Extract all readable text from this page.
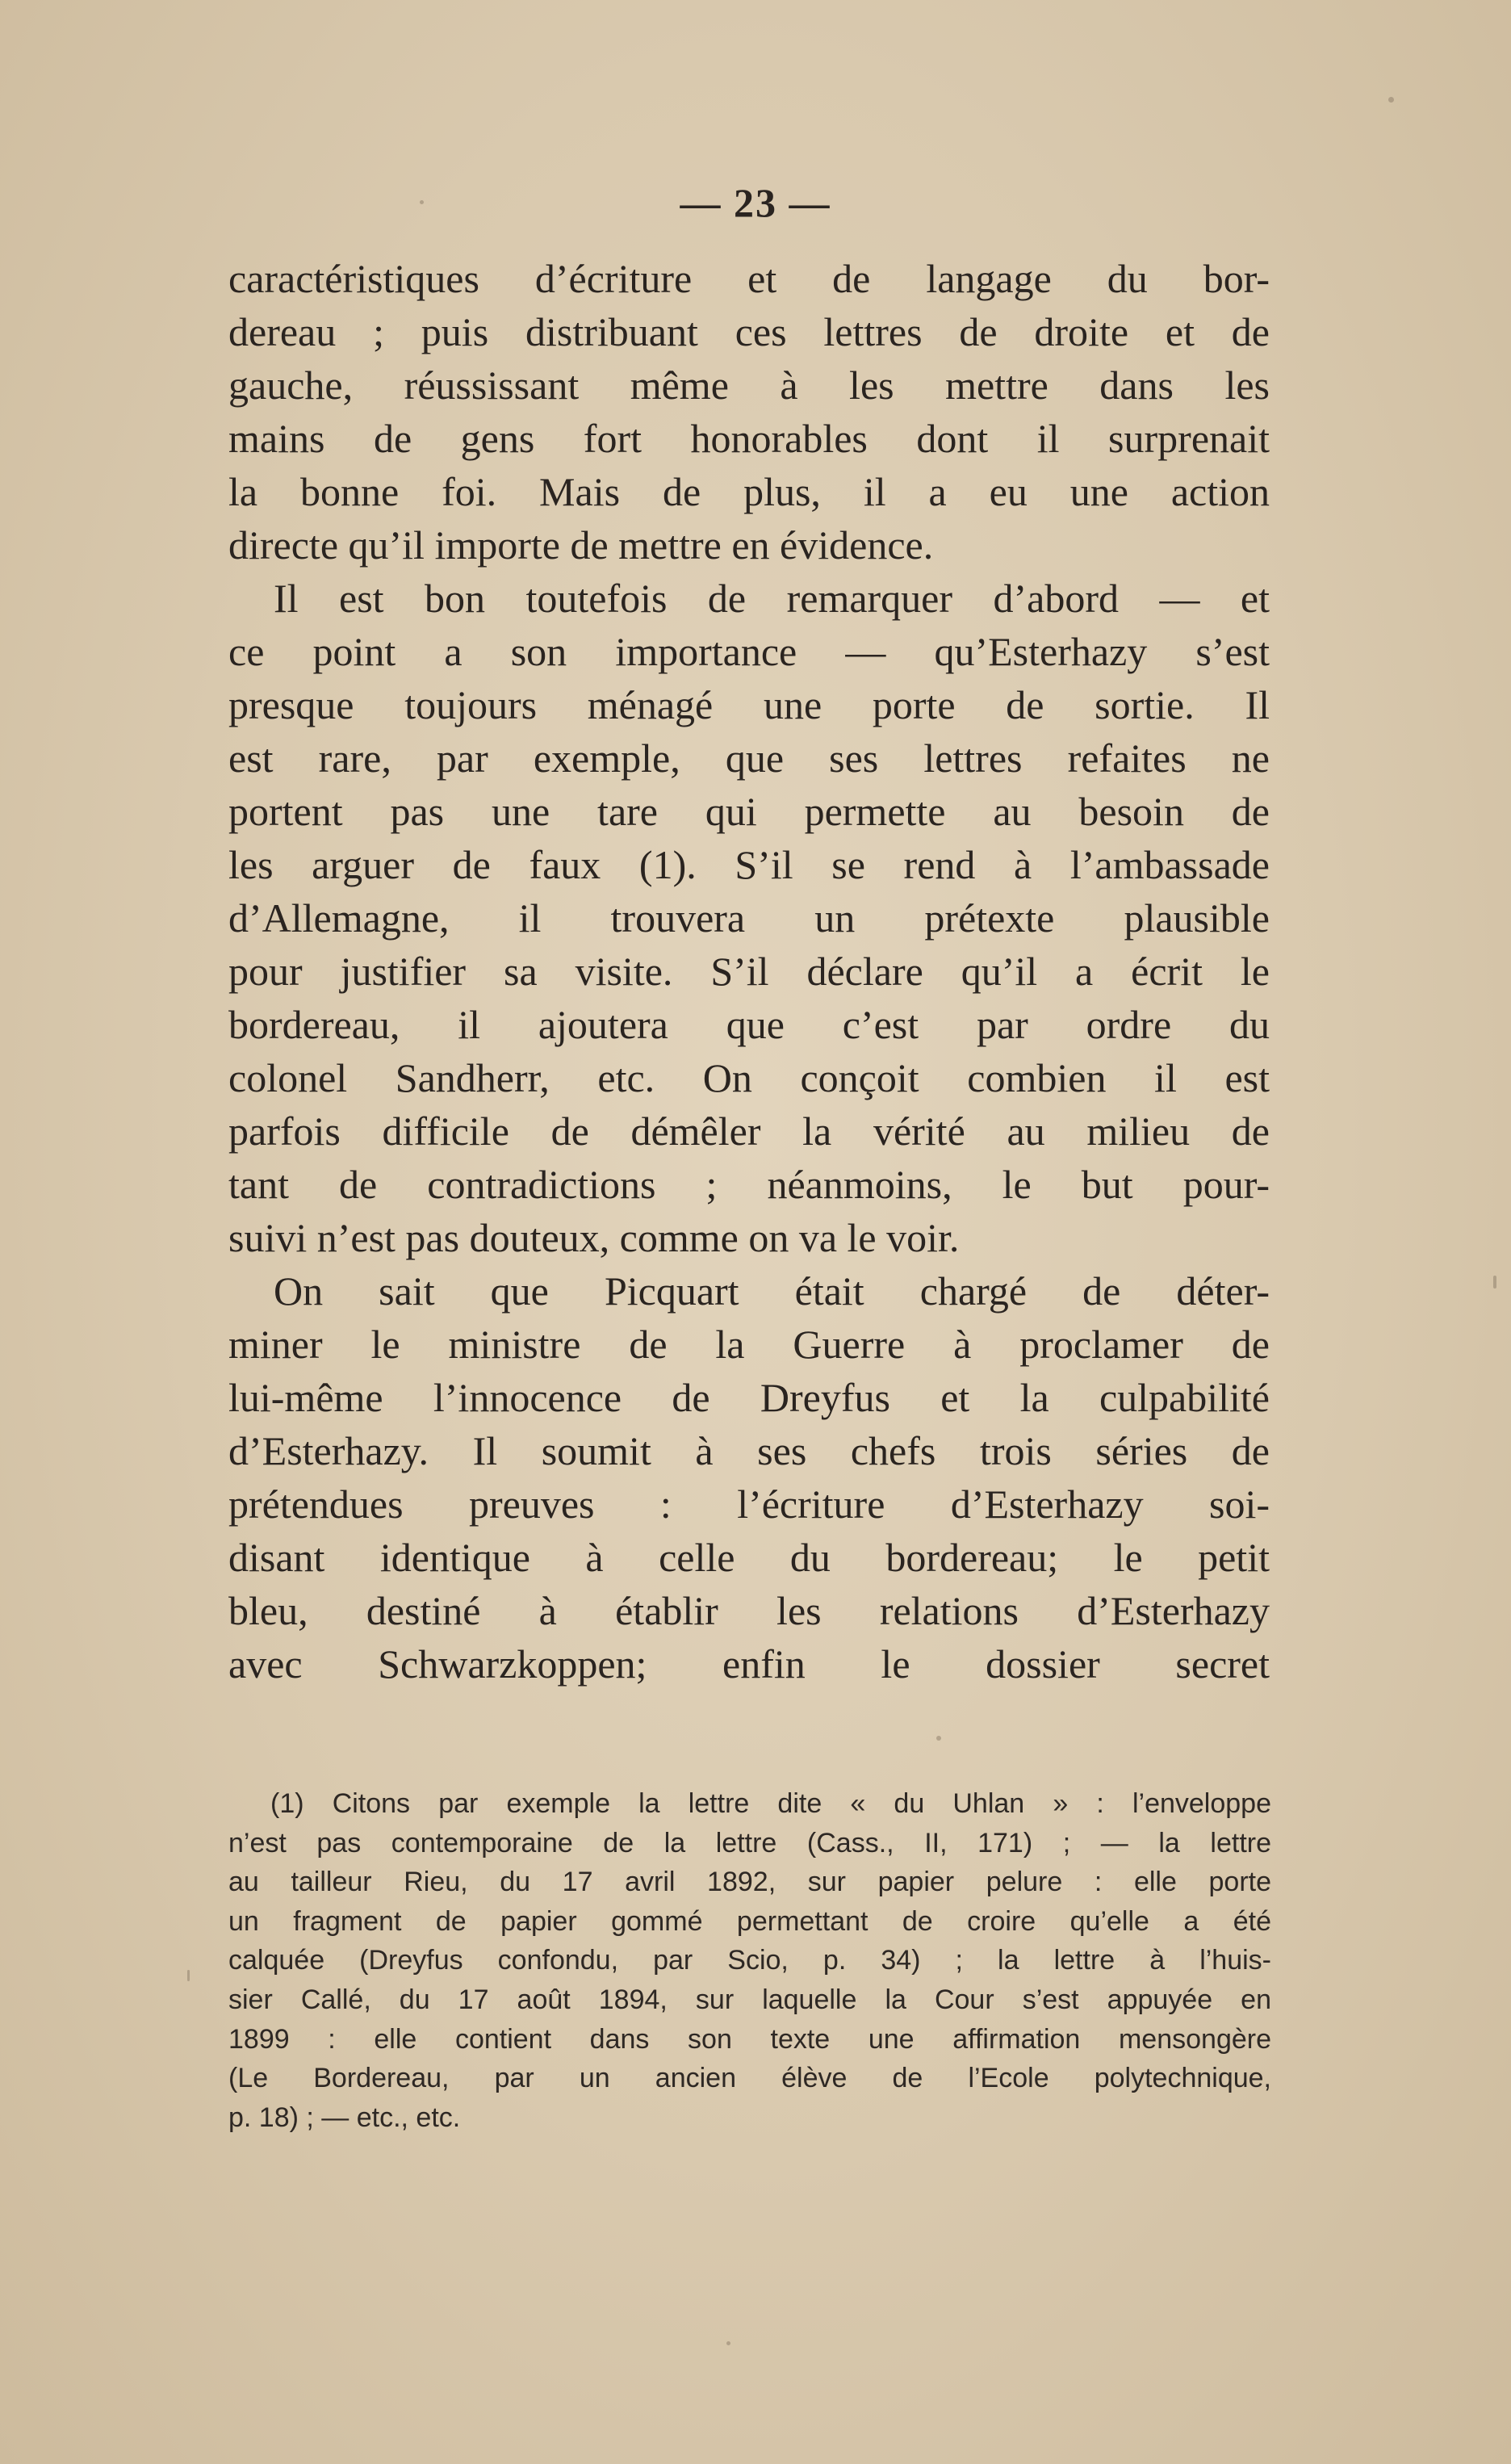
— 23 —
caractéristiques d’écriture et de langage du bor-
dereau ; puis distribuant ces lettres de droite et de
gauche, réussissant même à les mettre dans les
mains de gens fort honorables dont il surprenait
la bonne foi. Mais de plus, il a eu une action
directe qu’il importe de mettre en évidence.
Il est bon toutefois de remarquer d’abord — et
ce point a son importance — qu’Esterhazy s’est
presque toujours ménagé une porte de sortie. Il
est rare, par exemple, que ses lettres refaites ne
portent pas une tare qui permette au besoin de
les arguer de faux (1). S’il se rend à l’ambassade
d’Allemagne, il trouvera un prétexte plausible
pour justifier sa visite. S’il déclare qu’il a écrit le
bordereau, il ajoutera que c’est par ordre du
colonel Sandherr, etc. On conçoit combien il est
parfois difficile de démêler la vérité au milieu de
tant de contradictions ; néanmoins, le but pour-
suivi n’est pas douteux, comme on va le voir.
On sait que Picquart était chargé de déter-
miner le ministre de la Guerre à proclamer de
lui-même l’innocence de Dreyfus et la culpabilité
d’Esterhazy. Il soumit à ses chefs trois séries de
prétendues preuves : l’écriture d’Esterhazy soi-
disant identique à celle du bordereau; le petit
bleu, destiné à établir les relations d’Esterhazy
avec Schwarzkoppen; enfin le dossier secret
(1) Citons par exemple la lettre dite « du Uhlan » : l’enveloppe
n’est pas contemporaine de la lettre (Cass., II, 171) ; — la lettre
au tailleur Rieu, du 17 avril 1892, sur papier pelure : elle porte
un fragment de papier gommé permettant de croire qu’elle a été
calquée (Dreyfus confondu, par Scio, p. 34) ; la lettre à l’huis-
sier Callé, du 17 août 1894, sur laquelle la Cour s’est appuyée en
1899 : elle contient dans son texte une affirmation mensongère
(Le Bordereau, par un ancien élève de l’Ecole polytechnique,
p. 18) ; — etc., etc.
